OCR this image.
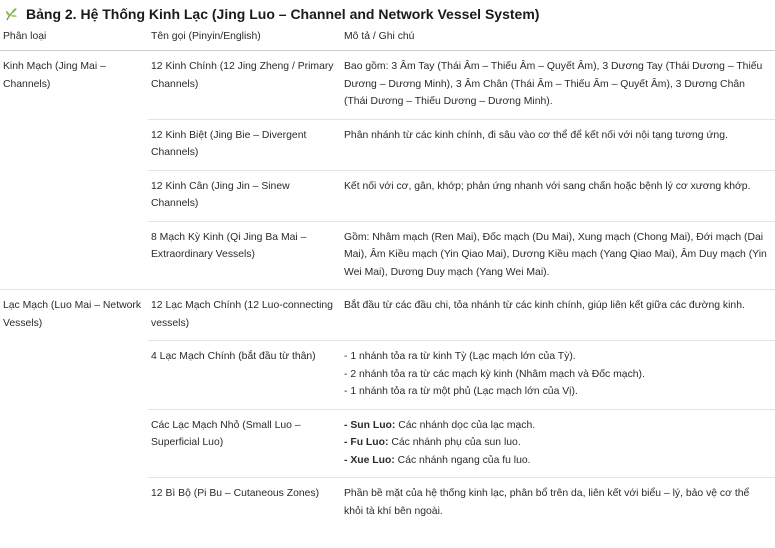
Bảng 2. Hệ Thống Kinh Lạc (Jing Luo – Channel and Network Vessel System)
Phân loại	Tên gọi (Pinyin/English)	Mô tả / Ghi chú
Kinh Mạch (Jing Mai – Channels)	12 Kinh Chính (12 Jing Zheng / Primary Channels)	Bao gồm: 3 Âm Tay (Thái Âm – Thiếu Âm – Quyết Âm), 3 Dương Tay (Thái Dương – Thiếu Dương – Dương Minh), 3 Âm Chân (Thái Âm – Thiếu Âm – Quyết Âm), 3 Dương Chân (Thái Dương – Thiếu Dương – Dương Minh).
	12 Kinh Biệt (Jing Bie – Divergent Channels)	Phân nhánh từ các kinh chính, đi sâu vào cơ thể để kết nối với nội tạng tương ứng.
	12 Kinh Cân (Jing Jin – Sinew Channels)	Kết nối với cơ, gân, khớp; phản ứng nhanh với sang chấn hoặc bệnh lý cơ xương khớp.
	8 Mạch Kỳ Kinh (Qi Jing Ba Mai – Extraordinary Vessels)	Gồm: Nhâm mạch (Ren Mai), Đốc mạch (Du Mai), Xung mạch (Chong Mai), Đới mạch (Dai Mai), Âm Kiều mạch (Yin Qiao Mai), Dương Kiều mạch (Yang Qiao Mai), Âm Duy mạch (Yin Wei Mai), Dương Duy mạch (Yang Wei Mai).
Lạc Mạch (Luo Mai – Network Vessels)	12 Lạc Mạch Chính (12 Luo-connecting vessels)	Bắt đầu từ các đầu chi, tỏa nhánh từ các kinh chính, giúp liên kết giữa các đường kinh.
	4 Lạc Mạch Chính (bắt đầu từ thân)	- 1 nhánh tỏa ra từ kinh Tỳ (Lạc mạch lớn của Tỳ).
- 2 nhánh tỏa ra từ các mạch kỳ kinh (Nhâm mạch và Đốc mạch).
- 1 nhánh tỏa ra từ một phủ (Lạc mạch lớn của Vị).

	Các Lạc Mạch Nhỏ (Small Luo – Superficial Luo)	- Sun Luo: Các nhánh dọc của lạc mạch.
- Fu Luo: Các nhánh phụ của sun luo.
- Xue Luo: Các nhánh ngang của fu luo.

	12 Bì Bộ (Pi Bu – Cutaneous Zones)	Phần bề mặt của hệ thống kinh lạc, phân bổ trên da, liên kết với biểu – lý, bảo vệ cơ thể khỏi tà khí bên ngoài.
